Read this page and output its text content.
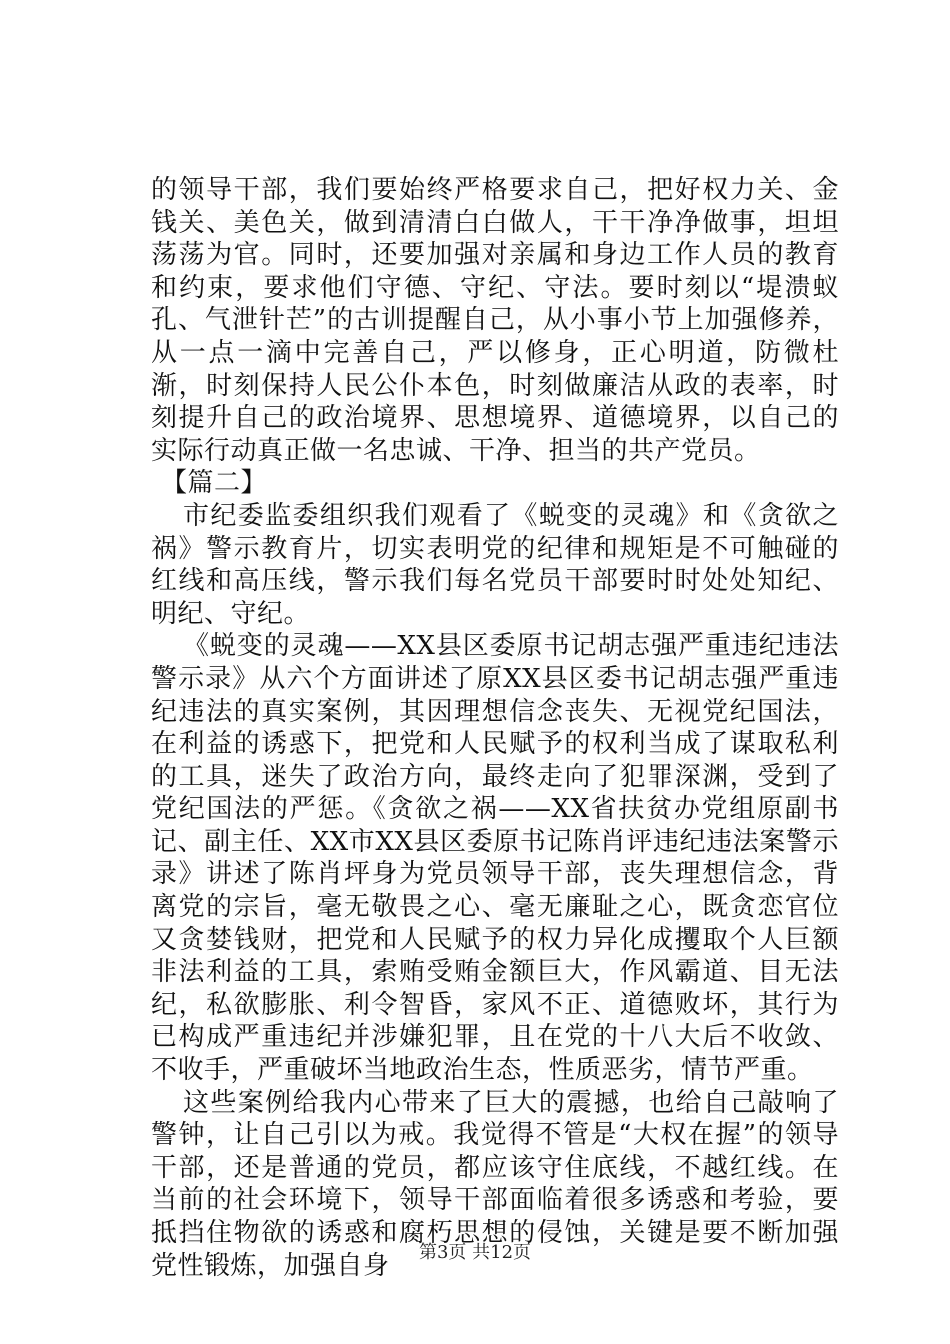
的领导干部，我们要始终严格要求自己，把好权力关、金钱关、美色关，做到清清白白做人，干干净净做事，坦坦荡荡为官。同时，还要加强对亲属和身边工作人员的教育和约束，要求他们守德、守纪、守法。要时刻以“堤溃蚁孔、气泄针芒”的古训提醒自己，从小事小节上加强修养，从一点一滴中完善自己，严以修身，正心明道，防微杜渐，时刻保持人民公仆本色，时刻做廉洁从政的表率，时刻提升自己的政治境界、思想境界、道德境界，以自己的实际行动真正做一名忠诚、干净、担当的共产党员。

【篇二】

市纪委监委组织我们观看了《蜕变的灵魂》和《贪欲之祸》警示教育片，切实表明党的纪律和规矩是不可触碰的红线和高压线，警示我们每名党员干部要时时处处知纪、明纪、守纪。

《蜕变的灵魂——XX县区委原书记胡志强严重违纪违法警示录》从六个方面讲述了原XX县区委书记胡志强严重违纪违法的真实案例，其因理想信念丧失、无视党纪国法，在利益的诱惑下，把党和人民赋予的权利当成了谋取私利的工具，迷失了政治方向，最终走向了犯罪深渊，受到了党纪国法的严惩。《贪欲之祸——XX省扶贫办党组原副书记、副主任、XX市XX县区委原书记陈肖评违纪违法案警示录》讲述了陈肖坪身为党员领导干部，丧失理想信念，背离党的宗旨，毫无敬畏之心、毫无廉耻之心，既贪恋官位又贪婪钱财，把党和人民赋予的权力异化成攫取个人巨额非法利益的工具，索贿受贿金额巨大，作风霸道、目无法纪，私欲膨胀、利令智昏，家风不正、道德败坏，其行为已构成严重违纪并涉嫌犯罪，且在党的十八大后不收敛、不收手，严重破坏当地政治生态，性质恶劣，情节严重。

这些案例给我内心带来了巨大的震撼，也给自己敲响了警钟，让自己引以为戒。我觉得不管是“大权在握”的领导干部，还是普通的党员，都应该守住底线，不越红线。在当前的社会环境下，领导干部面临着很多诱惑和考验，要抵挡住物欲的诱惑和腐朽思想的侵蚀，关键是要不断加强党性锻炼，加强自身	第3页 共12页
